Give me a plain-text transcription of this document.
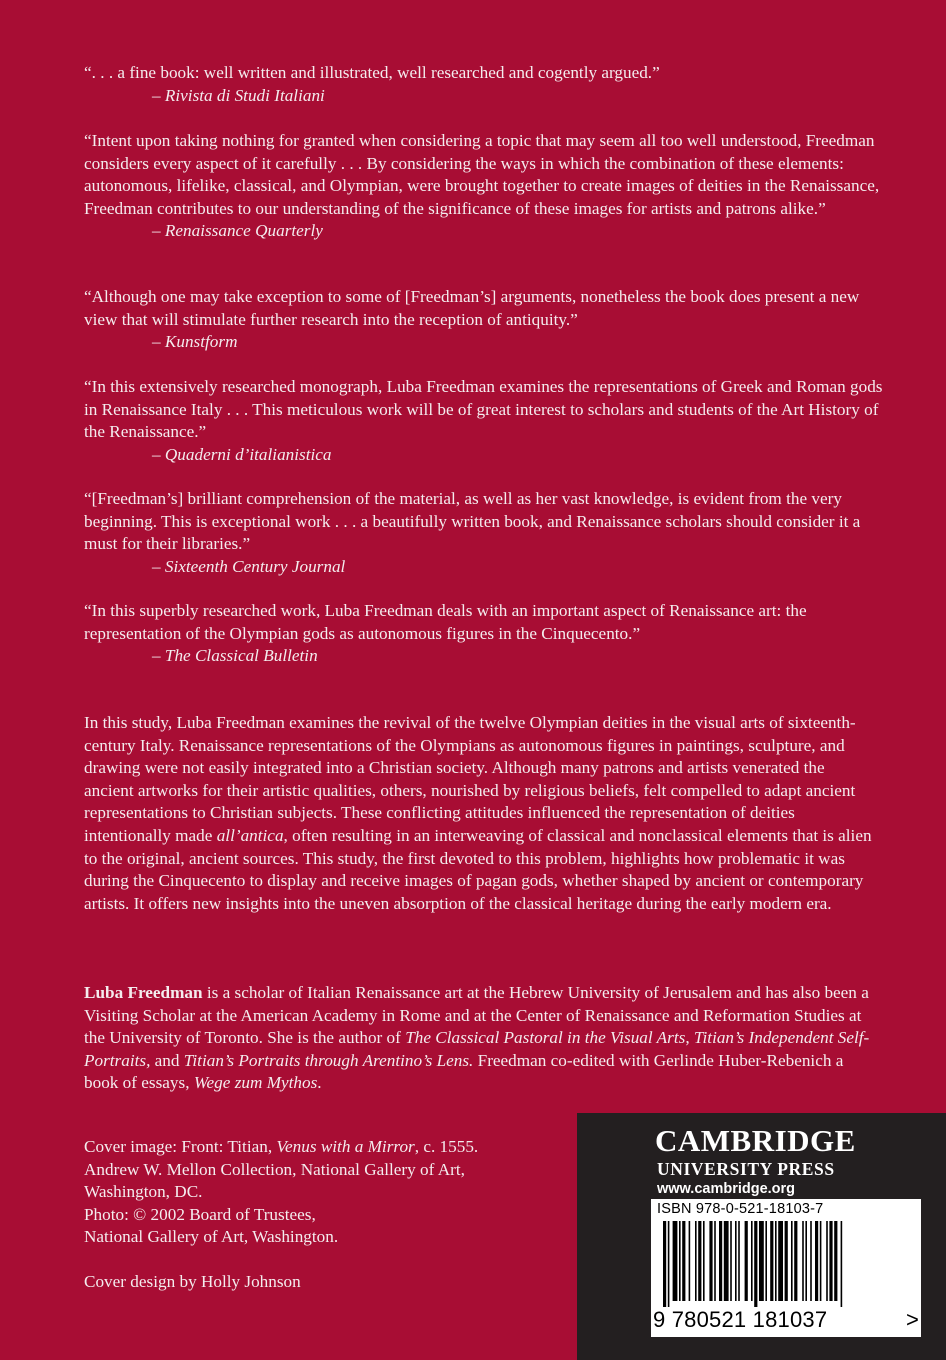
“. . . a fine book: well written and illustrated, well researched and cogently argued.”

– Rivista di Studi Italiani

“Intent upon taking nothing for granted when considering a topic that may seem all too well understood, Freedman considers every aspect of it carefully . . . By considering the ways in which the combination of these elements: autonomous, lifelike, classical, and Olympian, were brought together to create images of deities in the Renaissance, Freedman contributes to our understanding of the significance of these images for artists and patrons alike.”

– Renaissance Quarterly

“Although one may take exception to some of [Freedman’s] arguments, nonetheless the book does present a new view that will stimulate further research into the reception of antiquity.”

– Kunstform

“In this extensively researched monograph, Luba Freedman examines the representations of Greek and Roman gods in Renaissance Italy . . . This meticulous work will be of great interest to scholars and students of the Art History of the Renaissance.”

– Quaderni d’italianistica

“[Freedman’s] brilliant comprehension of the material, as well as her vast knowledge, is evident from the very beginning. This is exceptional work . . . a beautifully written book, and Renaissance scholars should consider it a must for their libraries.”

– Sixteenth Century Journal

“In this superbly researched work, Luba Freedman deals with an important aspect of Renaissance art: the representation of the Olympian gods as autonomous figures in the Cinquecento.”

– The Classical Bulletin

In this study, Luba Freedman examines the revival of the twelve Olympian deities in the visual arts of sixteenth-century Italy. Renaissance representations of the Olympians as autonomous figures in paintings, sculpture, and drawing were not easily integrated into a Christian society. Although many patrons and artists venerated the ancient artworks for their artistic qualities, others, nourished by religious beliefs, felt compelled to adapt ancient representations to Christian subjects. These conflicting attitudes influenced the representation of deities intentionally made all’antica, often resulting in an interweaving of classical and nonclassical elements that is alien to the original, ancient sources. This study, the first devoted to this problem, highlights how problematic it was during the Cinquecento to display and receive images of pagan gods, whether shaped by ancient or contemporary artists. It offers new insights into the uneven absorption of the classical heritage during the early modern era.

Luba Freedman is a scholar of Italian Renaissance art at the Hebrew University of Jerusalem and has also been a Visiting Scholar at the American Academy in Rome and at the Center of Renaissance and Reformation Studies at the University of Toronto. She is the author of The Classical Pastoral in the Visual Arts, Titian’s Independent Self-Portraits, and Titian’s Portraits through Arentino’s Lens. Freedman co-edited with Gerlinde Huber-Rebenich a book of essays, Wege zum Mythos.

Cover image: Front: Titian, Venus with a Mirror, c. 1555.
Andrew W. Mellon Collection, National Gallery of Art,
Washington, DC.
Photo: © 2002 Board of Trustees,
National Gallery of Art, Washington.
Cover design by Holly Johnson
CAMBRIDGE
UNIVERSITY PRESS
www.cambridge.org
ISBN 978-0-521-18103-7
9 780521 181037	>
